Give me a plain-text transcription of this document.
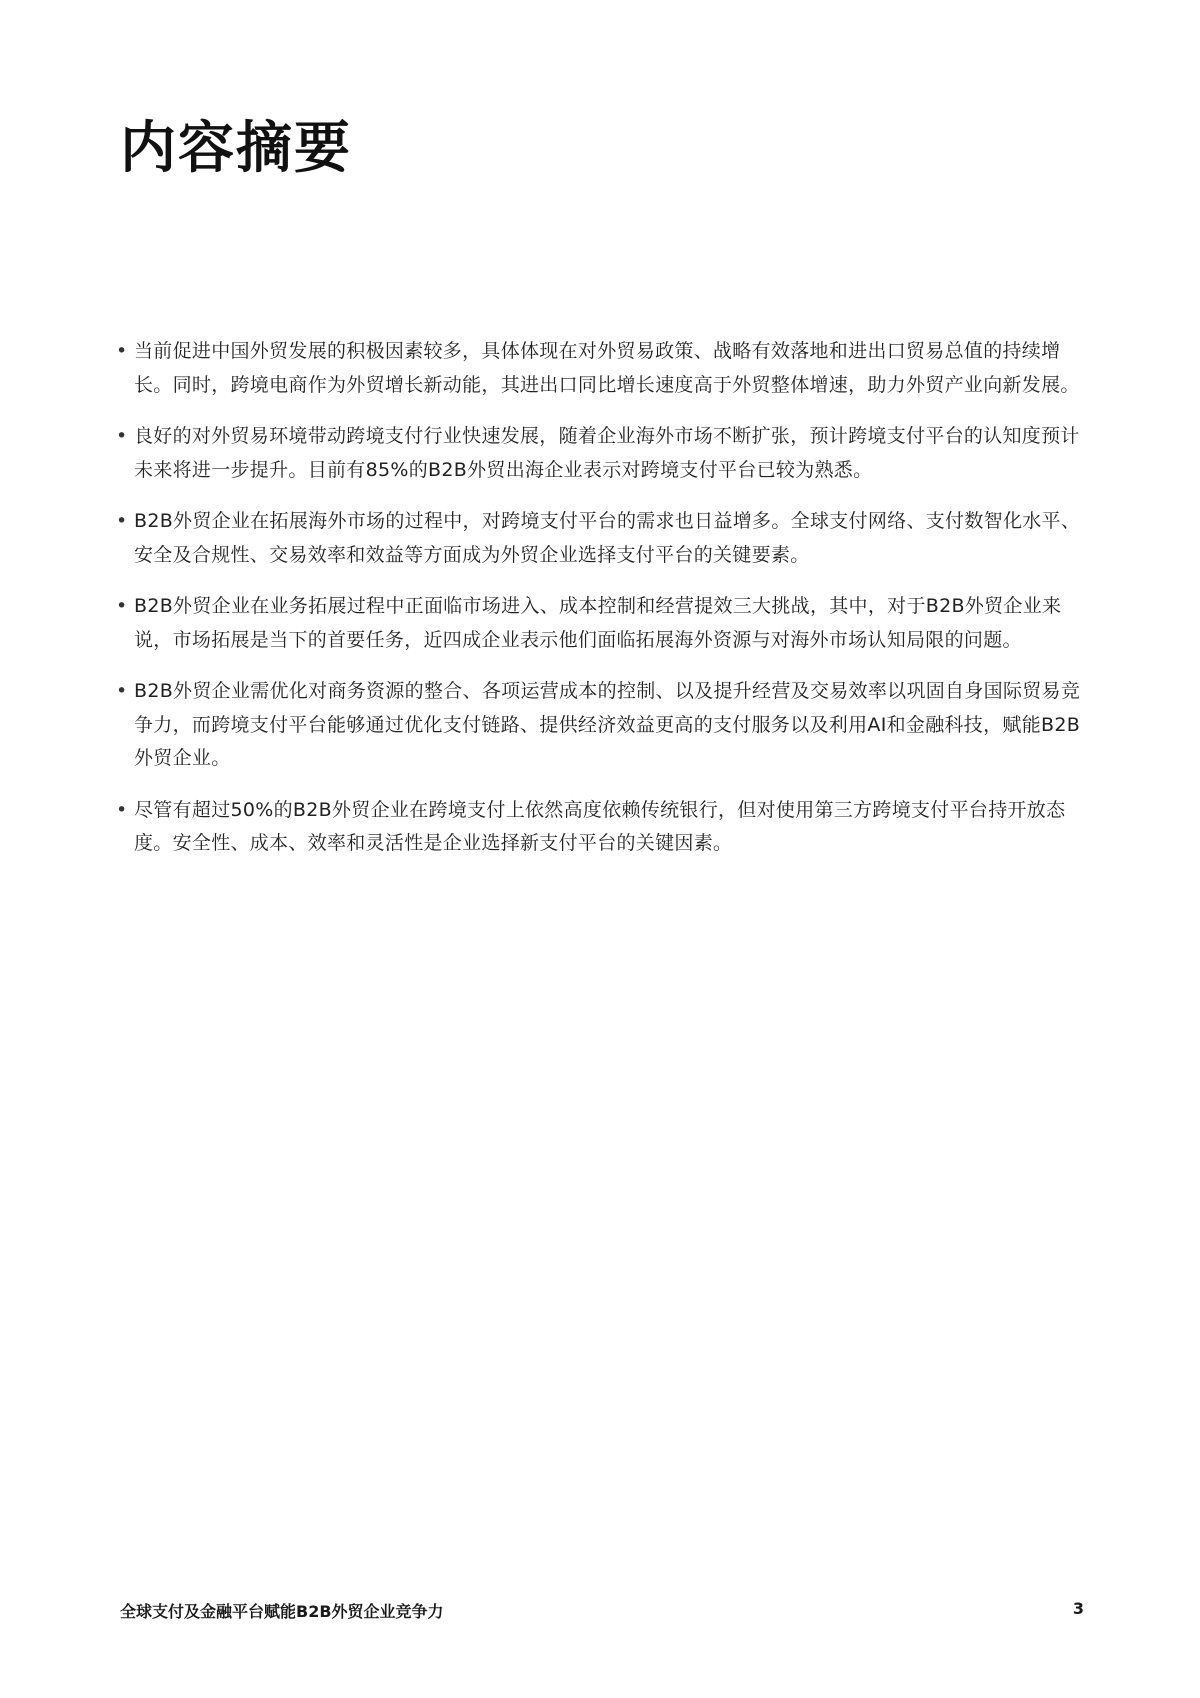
内容摘要
• 当前促进中国外贸发展的积极因素较多，具体体现在对外贸易政策、战略有效落地和进出口贸易总值的持续增长。同时，跨境电商作为外贸增长新动能，其进出口同比增长速度高于外贸整体增速，助力外贸产业向新发展。
• 良好的对外贸易环境带动跨境支付行业快速发展，随着企业海外市场不断扩张，预计跨境支付平台的认知度预计未来将进一步提升。目前有85%的B2B外贸出海企业表示对跨境支付平台已较为熟悉。
• B2B外贸企业在拓展海外市场的过程中，对跨境支付平台的需求也日益增多。全球支付网络、支付数智化水平、安全及合规性、交易效率和效益等方面成为外贸企业选择支付平台的关键要素。
• B2B外贸企业在业务拓展过程中正面临市场进入、成本控制和经营提效三大挑战，其中，对于B2B外贸企业来说，市场拓展是当下的首要任务，近四成企业表示他们面临拓展海外资源与对海外市场认知局限的问题。
• B2B外贸企业需优化对商务资源的整合、各项运营成本的控制、以及提升经营及交易效率以巩固自身国际贸易竞争力，而跨境支付平台能够通过优化支付链路、提供经济效益更高的支付服务以及利用AI和金融科技，赋能B2B外贸企业。
• 尽管有超过50%的B2B外贸企业在跨境支付上依然高度依赖传统银行，但对使用第三方跨境支付平台持开放态度。安全性、成本、效率和灵活性是企业选择新支付平台的关键因素。
全球支付及金融平台赋能B2B外贸企业竞争力	3
